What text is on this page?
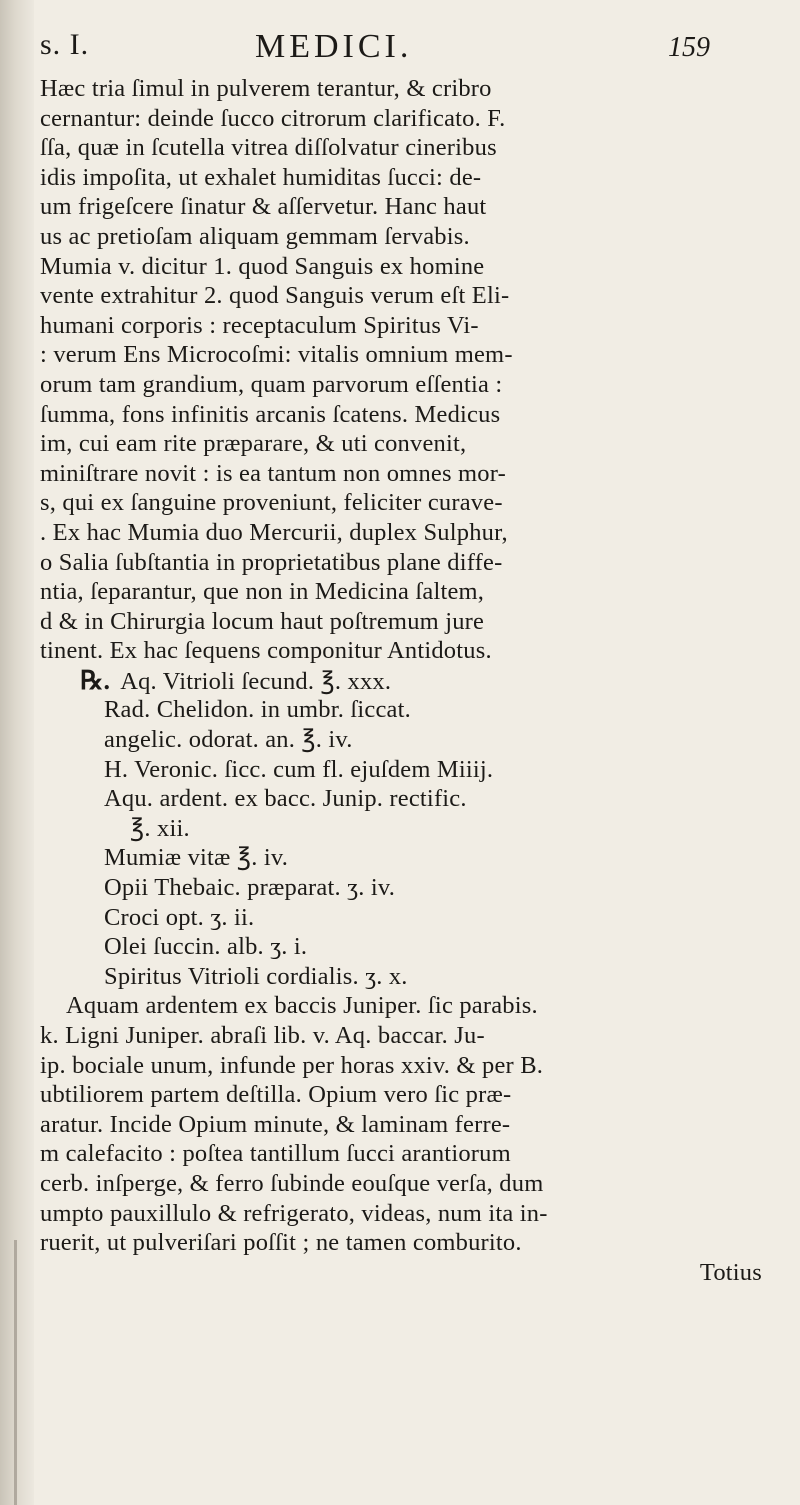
s. I.	MEDICI.	159
Hæc tria ſimul in pulverem terantur, & cribro
cernantur: deinde ſucco citrorum clarificato. F.
ſſa, quæ in ſcutella vitrea diſſolvatur cineribus
idis impoſita, ut exhalet humiditas ſucci: de-
um frigeſcere ſinatur & aſſervetur. Hanc haut
us ac pretioſam aliquam gemmam ſervabis.
Mumia v. dicitur 1. quod Sanguis ex homine
vente extrahitur 2. quod Sanguis verum eſt Eli-
humani corporis : receptaculum Spiritus Vi-
: verum Ens Microcoſmi: vitalis omnium mem-
orum tam grandium, quam parvorum eſſentia :
ſumma, fons infinitis arcanis ſcatens. Medicus
im, cui eam rite præparare, & uti convenit,
miniſtrare novit : is ea tantum non omnes mor-
s, qui ex ſanguine proveniunt, feliciter curave-
. Ex hac Mumia duo Mercurii, duplex Sulphur,
o Salia ſubſtantia in proprietatibus plane diffe-
ntia, ſeparantur, que non in Medicina ſaltem,
d & in Chirurgia locum haut poſtremum jure
tinent. Ex hac ſequens componitur Antidotus.
℞. Aq. Vitrioli ſecund. ℥. xxx.
Rad. Chelidon. in umbr. ſiccat.
angelic. odorat. an. ℥. iv.
H. Veronic. ſicc. cum fl. ejuſdem Miiij.
Aqu. ardent. ex bacc. Junip. rectific.
℥. xii.
Mumiæ vitæ ℥. iv.
Opii Thebaic. præparat. ʒ. iv.
Croci opt. ʒ. ii.
Olei ſuccin. alb. ʒ. i.
Spiritus Vitrioli cordialis. ʒ. x.
Aquam ardentem ex baccis Juniper. ſic parabis.
k. Ligni Juniper. abraſi lib. v. Aq. baccar. Ju-
ip. bociale unum, infunde per horas xxiv. & per B.
ubtiliorem partem deſtilla. Opium vero ſic præ-
aratur. Incide Opium minute, & laminam ferre-
m calefacito : poſtea tantillum ſucci arantiorum
cerb. inſperge, & ferro ſubinde eouſque verſa, dum
umpto pauxillulo & refrigerato, videas, num ita in-
ruerit, ut pulveriſari poſſit ; ne tamen comburito.
Totius
